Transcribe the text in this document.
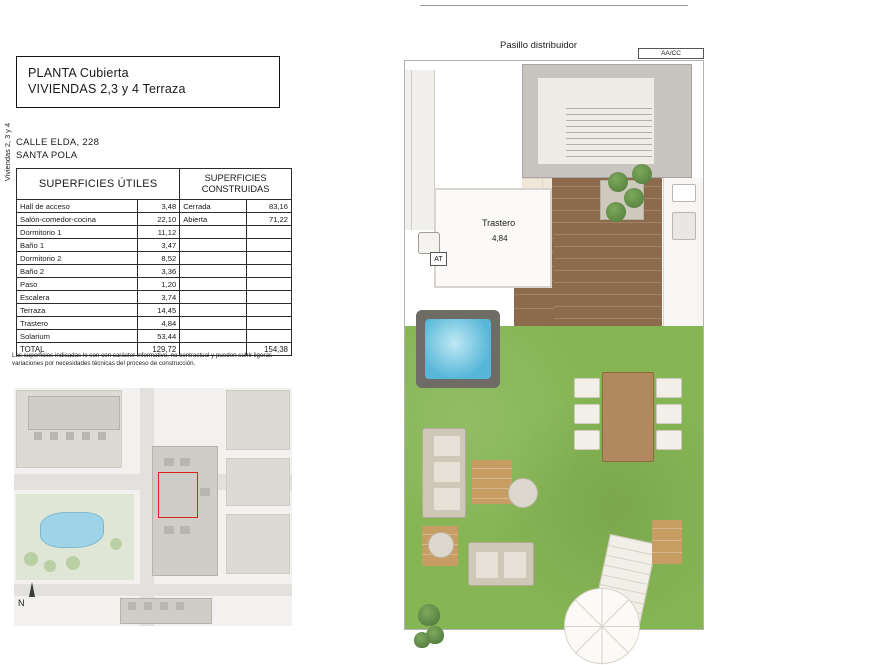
PLANTA Cubierta
VIVIENDAS 2,3 y 4 Terraza
CALLE ELDA, 228
SANTA POLA
Viviendas 2, 3 y 4
SUPERFICIES ÚTILES		SUPERFICIES CONSTRUIDAS	
Hall de acceso	3,48	Cerrada	83,16
Salón-comedor-cocina	22,10	Abierta	71,22
Dormitorio 1	11,12		
Baño 1	3,47		
Dormitorio 2	8,52		
Baño 2	3,36		
Paso	1,20		
Escalera	3,74		
Terraza	14,45		
Trastero	4,84		
Solarium	53,44		
TOTAL	129,72		154,38
Las superficies indicadas lo son con carácter informativo, no contractual y pueden sufrir ligeras variaciones por necesidades técnicas del proceso de construcción.
N
Pasillo distribuidor
AA/CC
Trastero
4,84
AT
